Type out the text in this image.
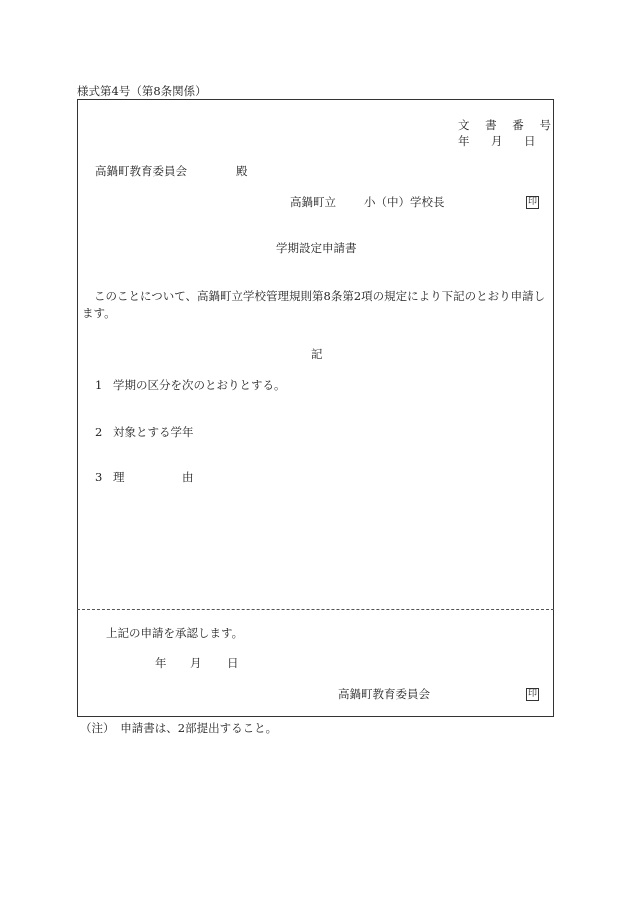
様式第4号（第8条関係）
文 書 番 号
年　月　日
高鍋町教育委員会	殿
高鍋町立 小（中）学校長	印
学期設定申請書
このことについて、高鍋町立学校管理規則第8条第2項の規定により下記のとおり申請します。
記
1 学期の区分を次のとおりとする。
2 対象とする学年
3 理　　　　　由
上記の申請を承認します。
年 月 日
高鍋町教育委員会	印
（注）　申請書は、2部提出すること。
